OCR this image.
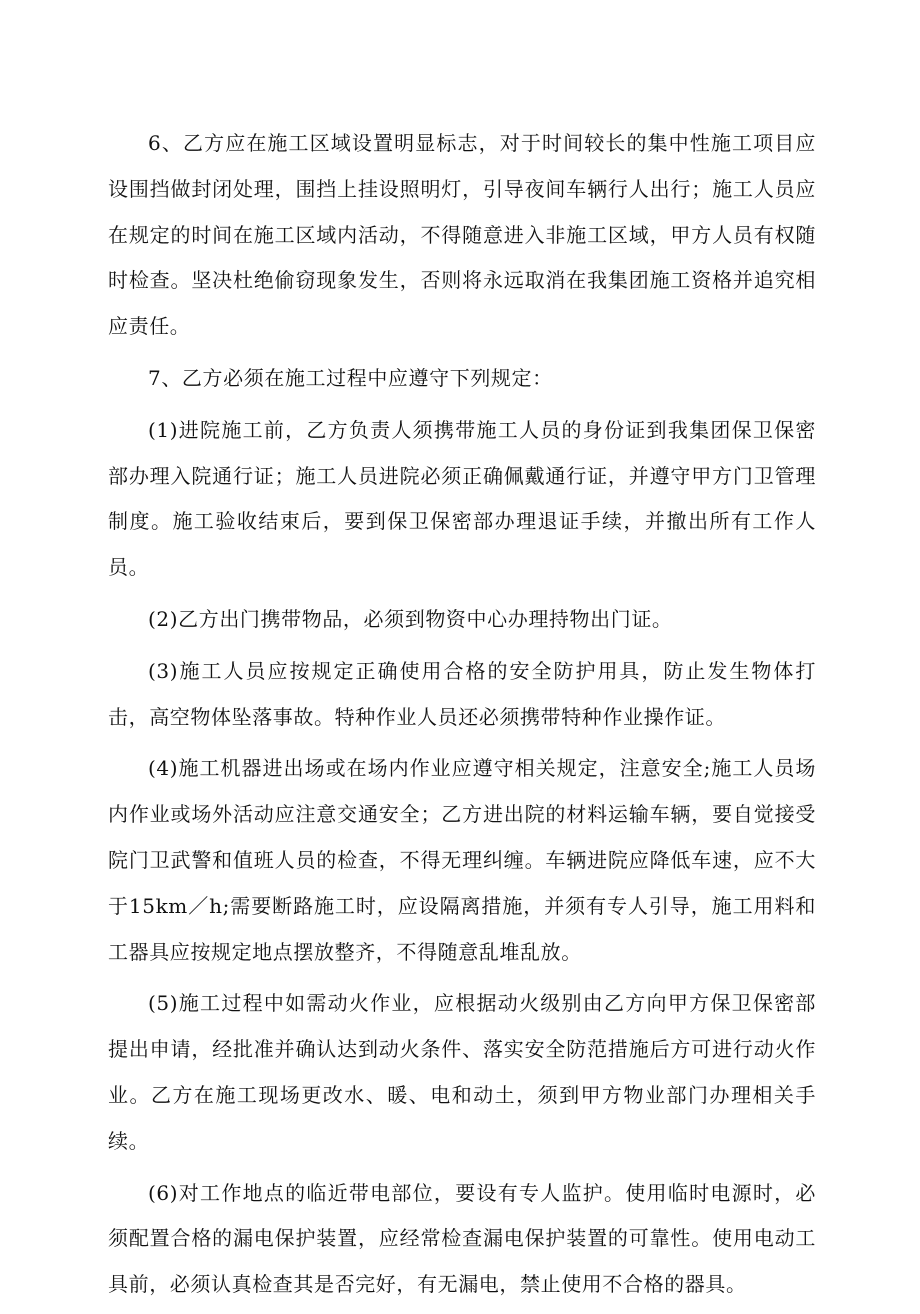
6、乙方应在施工区域设置明显标志，对于时间较长的集中性施工项目应设围挡做封闭处理，围挡上挂设照明灯，引导夜间车辆行人出行；施工人员应在规定的时间在施工区域内活动，不得随意进入非施工区域，甲方人员有权随时检查。坚决杜绝偷窃现象发生，否则将永远取消在我集团施工资格并追究相应责任。

7、乙方必须在施工过程中应遵守下列规定：

(1)进院施工前，乙方负责人须携带施工人员的身份证到我集团保卫保密部办理入院通行证；施工人员进院必须正确佩戴通行证，并遵守甲方门卫管理制度。施工验收结束后，要到保卫保密部办理退证手续，并撤出所有工作人员。

(2)乙方出门携带物品，必须到物资中心办理持物出门证。

(3)施工人员应按规定正确使用合格的安全防护用具，防止发生物体打击，高空物体坠落事故。特种作业人员还必须携带特种作业操作证。

(4)施工机器进出场或在场内作业应遵守相关规定，注意安全;施工人员场内作业或场外活动应注意交通安全；乙方进出院的材料运输车辆，要自觉接受院门卫武警和值班人员的检查，不得无理纠缠。车辆进院应降低车速，应不大于15km／h;需要断路施工时，应设隔离措施，并须有专人引导，施工用料和工器具应按规定地点摆放整齐，不得随意乱堆乱放。

(5)施工过程中如需动火作业，应根据动火级别由乙方向甲方保卫保密部提出申请，经批准并确认达到动火条件、落实安全防范措施后方可进行动火作业。乙方在施工现场更改水、暖、电和动土，须到甲方物业部门办理相关手续。

(6)对工作地点的临近带电部位，要设有专人监护。使用临时电源时，必须配置合格的漏电保护装置，应经常检查漏电保护装置的可靠性。使用电动工具前，必须认真检查其是否完好，有无漏电，禁止使用不合格的器具。
